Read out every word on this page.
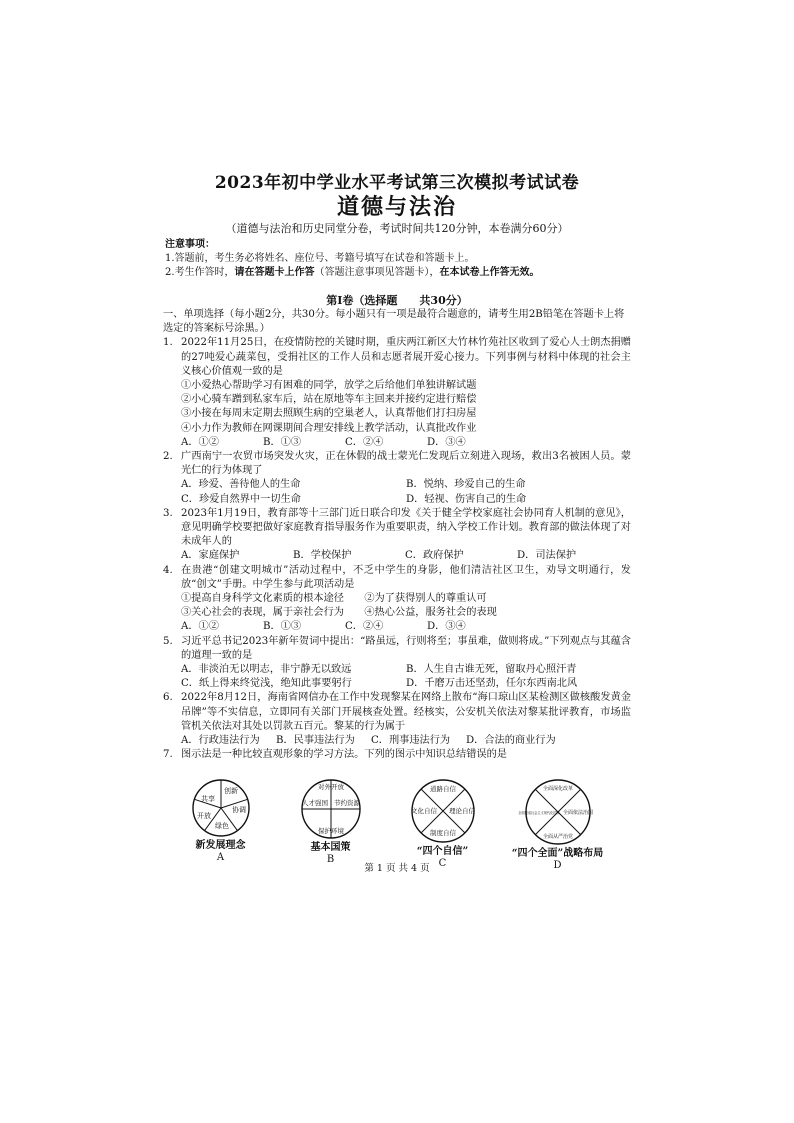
2023年初中学业水平考试第三次模拟考试试卷
道德与法治
（道德与法治和历史同堂分卷，考试时间共120分钟，本卷满分60分）
注意事项：
1.答题前，考生务必将姓名、座位号、考籍号填写在试卷和答题卡上。
2.考生作答时，请在答题卡上作答（答题注意事项见答题卡），在本试卷上作答无效。
第Ⅰ卷（选择题　　共30分）

一、单项选择（每小题2分，共30分。每小题只有一项是最符合题意的，请考生用2B铅笔在答题卡上将选定的答案标号涂黑。）

1. 2022年11月25日，在疫情防控的关键时期，重庆两江新区大竹林竹苑社区收到了爱心人士朗杰捐赠的27吨爱心蔬菜包，受捐社区的工作人员和志愿者展开爱心接力。下列事例与材料中体现的社会主义核心价值观一致的是
①小爱热心帮助学习有困难的同学，放学之后给他们单独讲解试题
②小心骑车蹭到私家车后，站在原地等车主回来并接约定进行赔偿
③小接在每周末定期去照顾生病的空巢老人，认真帮他们打扫房屋
④小力作为教师在网课期间合理安排线上教学活动，认真批改作业
A．①②	B．①③	C．②④	D．③④
2. 广西南宁一农贸市场突发火灾，正在休假的战士蒙光仁发现后立刻进入现场，救出3名被困人员。蒙光仁的行为体现了
A．珍爱、善待他人的生命	B．悦纳、珍爱自己的生命
C．珍爱自然界中一切生命	D．轻视、伤害自己的生命
3. 2023年1月19日，教育部等十三部门近日联合印发《关于健全学校家庭社会协同育人机制的意见》，意见明确学校要把做好家庭教育指导服务作为重要职责，纳入学校工作计划。教育部的做法体现了对未成年人的
A．家庭保护	B．学校保护	C．政府保护	D．司法保护
4. 在贵港“创建文明城市”活动过程中，不乏中学生的身影，他们清洁社区卫生，劝导文明通行，发放“创文”手册。中学生参与此项活动是
①提高自身科学文化素质的根本途径　　②为了获得别人的尊重认可
③关心社会的表现，属于亲社会行为　　④热心公益，服务社会的表现
A．①②	B．①③	C．②④	D．③④
5. 习近平总书记2023年新年贺词中提出：“路虽远，行则将至；事虽难，做则将成。”下列观点与其蕴含的道理一致的是
A．非淡泊无以明志，非宁静无以致远	B．人生自古谁无死，留取丹心照汗青
C．纸上得来终觉浅，绝知此事要躬行	D．千磨万击还坚劲，任尔东西南北风
6. 2022年8月12日，海南省网信办在工作中发现黎某在网络上散布“海口琼山区某检测区做核酸发黄金吊牌”等不实信息，立即同有关部门开展核查处置。经核实，公安机关依法对黎某批评教育，市场监管机关依法对其处以罚款五百元。黎某的行为属于
A．行政违法行为	B．民事违法行为	C．刑事违法行为	D．合法的商业行为
7. 图示法是一种比较直观形象的学习方法。下列的图示中知识总结错误的是
创新
协调
绿色
开放
共享
新发展理念
A
对外开放
节约资源
保护环境
人才强国
基本国策
B
道路自信
理论自信
制度自信
文化自信
“四个自信”
C
全面深化改革
全面依法治国
全面从严治党
全面建成社会主义现代化国家
“四个全面”战略布局
D
第 1 页 共 4 页
